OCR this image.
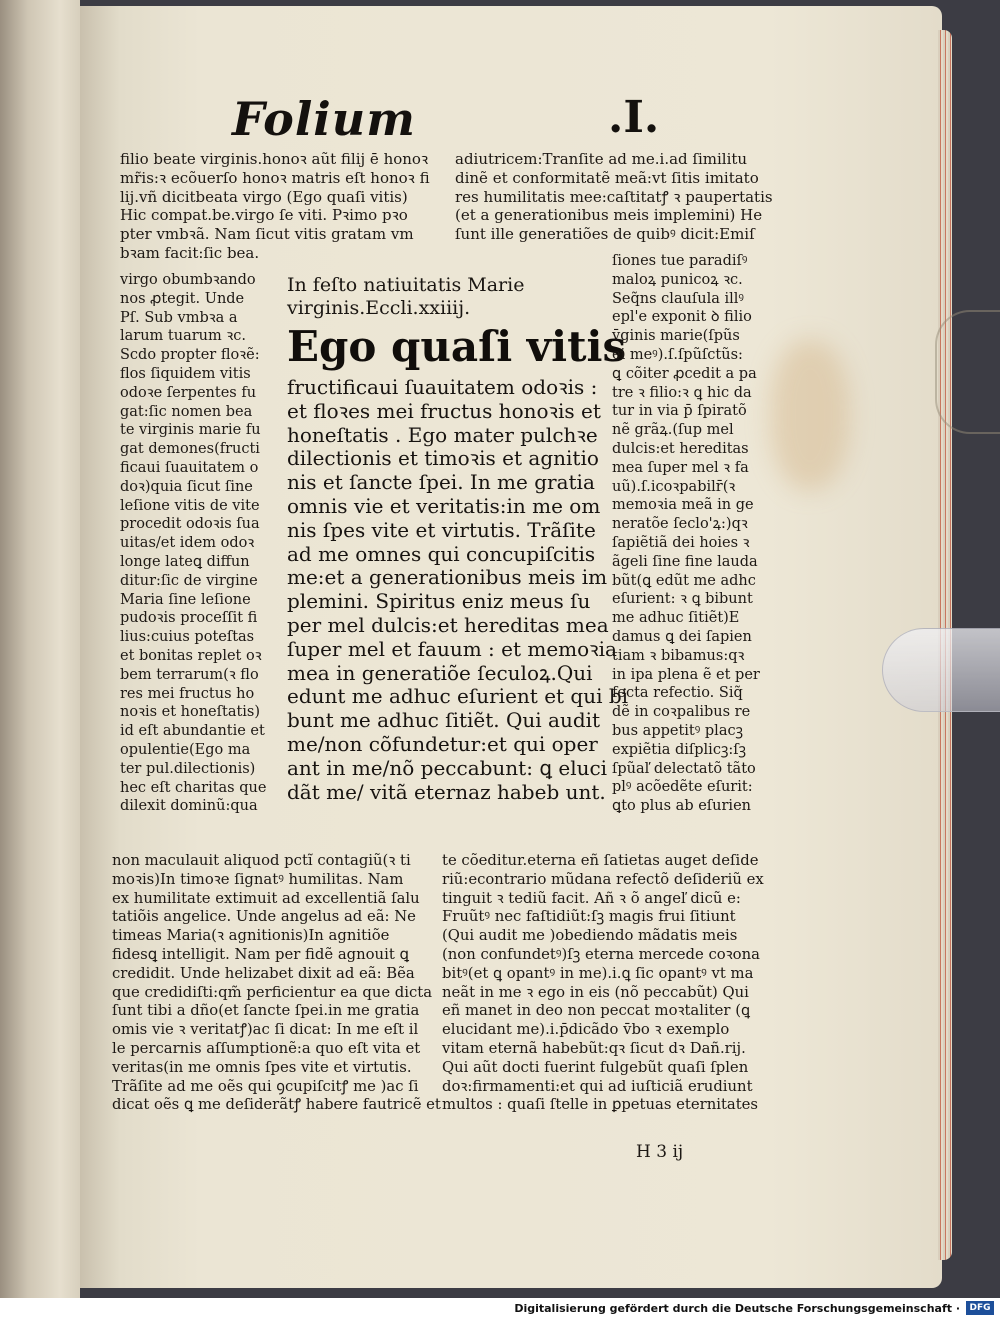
Folium	.I.
filio beate virginis.honoꝛ aũt filij ē honoꝛ
mr̃is:ꝛ ecõuerſo honoꝛ matris eſt honoꝛ fi
lij.vñ dicitbeata virgo (Ego quaſi vitis)
Hic compat.be.virgo ſe viti. Pꝛimo pꝛo
pter vmbꝛã. Nam ſicut vitis gratam vm
bꝛam facit:ſic bea.
virgo obumbꝛando
nos ꝓtegit. Unde
Pſ. Sub vmbꝛa a
larum tuarum ꝛc.
Scdo propter floꝛẽ:
flos ſiquidem vitis
odoꝛe ſerpentes fu
gat:ſic nomen bea
te virginis marie fu
gat demones(fructi
ficaui ſuauitatem o
doꝛ)quia ſicut ſine
leſione vitis de vite
procedit odoꝛis ſua
uitas/et idem odoꝛ
longe lateꝗ diffun
ditur:ſic de virgine
Maria ſine leſione
pudoꝛis proceſſit fi
lius:cuius poteſtas
et bonitas replet oꝛ
bem terrarum(ꝛ flo
res mei fructus ho
noꝛis et honeſtatis)
id eſt abundantie et
opulentie(Ego ma
ter pul.dilectionis)
hec eſt charitas que
dilexit dominũ:qua
adiutricem:Tranſite ad me.i.ad ſimilitu
dinẽ et conformitatẽ meã:vt ſitis imitato
res humilitatis mee:caſtitatꝭ ꝛ paupertatis
(et a generationibus meis implemini) He
ſunt ille generatiões de quibꝰ dicit:Emiſ
In feſto natiuitatis Marie
virginis.Eccli.xxiiij.
Ego quaſi vitis
fructificaui ſuauitatem odoꝛis :
et floꝛes mei fructus honoꝛis et
honeſtatis . Ego mater pulchꝛe
dilectionis et timoꝛis et agnitio
nis et ſancte ſpei. In me gratia
omnis vie et veritatis:in me om
nis ſpes vite et virtutis. Trãſite
ad me omnes qui concupiſcitis
me:et a generationibus meis im
plemini. Spiritus eniz meus ſu
per mel dulcis:et hereditas mea
ſuper mel et fauum : et memoꝛia
mea in generatiõe ſeculoꝝ.Qui
edunt me adhuc eſurient et qui bi
bunt me adhuc ſitiẽt. Qui audit
me/non cõfundetur:et qui oper
ant in me/nõ peccabunt: ꝗ eluci
dãt me/ vitã eternaz habeb unt.
ſiones tue paradiſꝰ
maloꝝ punicoꝝ ꝛc.
Seq̃ns clauſula illꝰ
epl'e exponit ꝺ filio
v̄ginis marie(ſpũs
ei meꝰ).ſ.ſpũſctũs:
ꝗ cõiter ꝓcedit a pa
tre ꝛ filio:ꝛ ꝗ hic da
tur in via p̄ ſpiratõ
nẽ grãꝝ.(ſup mel
dulcis:et hereditas
mea ſuper mel ꝛ fa
uũ).ſ.icoꝛpabilr̄(ꝛ
memoꝛia meã in ge
neratõe ſeclo'ꝝ:)qꝛ
ſapiẽtiã dei hoies ꝛ
ãgeli ſine fine lauda
bũt(ꝗ edũt me adhc
eſurient: ꝛ ꝗ bibunt
me adhuc ſitiẽt)E
damus ꝗ dei ſapien
tiam ꝛ bibamus:qꝛ
in ipa plena ẽ et per
fecta refectio. Siq̃
dẽ in coꝛpalibus re
bus appetitꝰ placꝫ
expiẽtia diſplicꝫ:ſꝫ
ſpũaľ delectatõ tãto
plꝰ acõedẽte eſurit:
ꝗto plus ab eſurien
non maculauit aliquod pctĩ contagiũ(ꝛ ti
moꝛis)In timoꝛe ſignatꝰ humilitas. Nam
ex humilitate extimuit ad excellentiã ſalu
tatiõis angelice. Unde angelus ad eã: Ne
timeas Maria(ꝛ agnitionis)In agnitiõe
fidesꝗ intelligit. Nam per fidẽ agnouit ꝗ
credidit. Unde helizabet dixit ad eã: Bẽa
que credidiſti:qm̃ perficientur ea que dicta
ſunt tibi a dño(et ſancte ſpei.in me gratia
omis vie ꝛ veritatꝭ)ac ſi dicat: In me eſt il
le percarnis aſſumptionẽ:a quo eſt vita et
veritas(in me omnis ſpes vite et virtutis.
Trãſite ad me oẽs qui ꝯcupiſcitꝭ me )ac ſi
dicat oẽs ꝗ me deſiderãtꝭ habere fautricẽ et
te cõeditur.eterna eñ ſatietas auget deſide
riũ:econtrario mũdana refectõ deſideriũ ex
tinguit ꝛ tediũ facit. Añ ꝛ õ angeľ dicũ e:
Fruũtꝰ nec faſtidiũt:ſꝫ magis frui ſitiunt
(Qui audit me )obediendo mãdatis meis
(non confundetꝰ)ſꝫ eterna mercede coꝛona
bitꝰ(et ꝗ opantꝰ in me).i.ꝗ ſic opantꝰ vt ma
neãt in me ꝛ ego in eis (nõ peccabũt) Qui
eñ manet in deo non peccat moꝛtaliter (ꝗ
elucidant me).i.p̄dicãdo v̄bo ꝛ exemplo
vitam eternã habebũt:qꝛ ſicut dꝛ Dañ.rij.
Qui aũt docti fuerint fulgebũt quaſi ſplen
doꝛ:firmamenti:et qui ad iuſticiã erudiunt
multos : quaſi ſtelle in ꝑpetuas eternitates
H 3 ij
Digitalisierung gefördert durch die Deutsche Forschungsgemeinschaft ·	DFG
